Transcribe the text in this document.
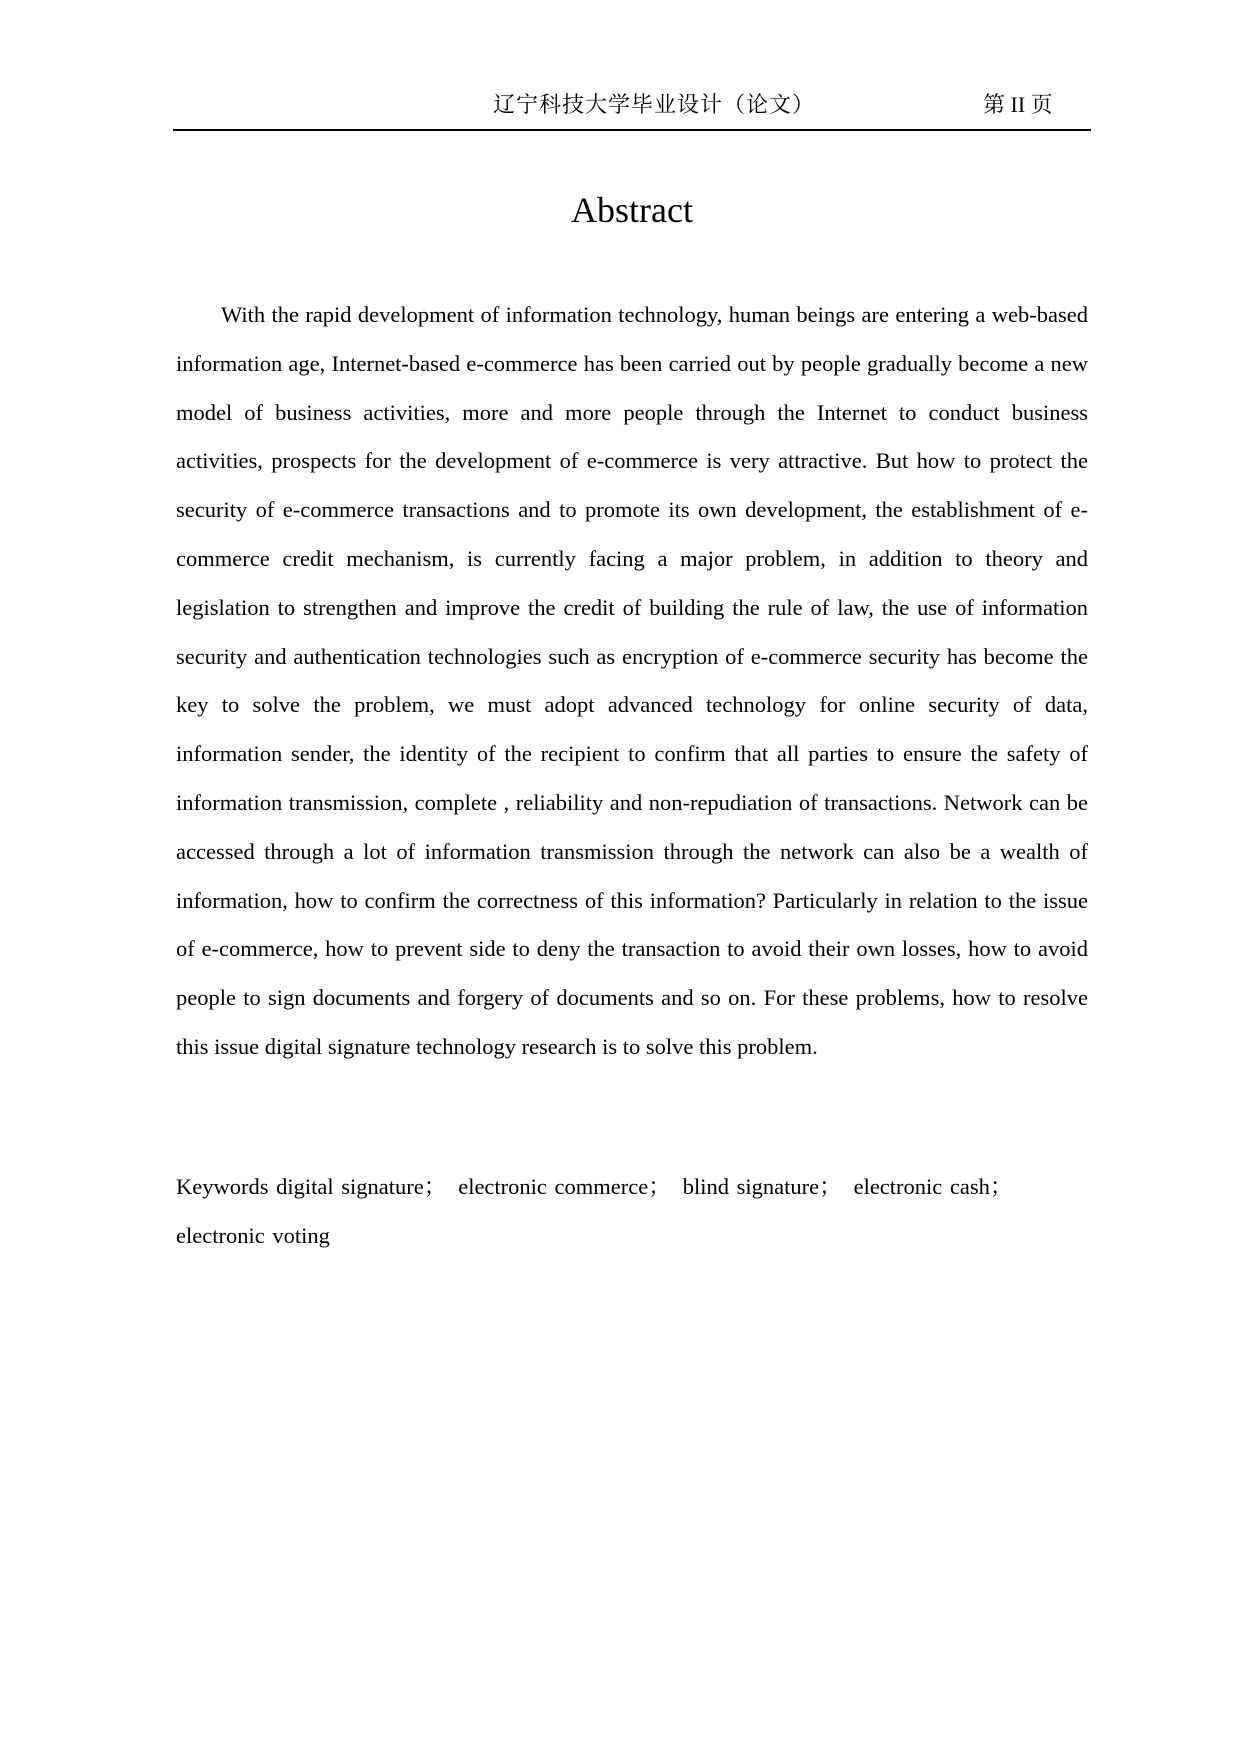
辽宁科技大学毕业设计（论文）	第 II 页
Abstract

With the rapid development of information technology, human beings are entering a web-based information age, Internet-based e-commerce has been carried out by people gradually become a new model of business activities, more and more people through the Internet to conduct business activities, prospects for the development of e-commerce is very attractive. But how to protect the security of e-commerce transactions and to promote its own development, the establishment of e-commerce credit mechanism, is currently facing a major problem, in addition to theory and legislation to strengthen and improve the credit of building the rule of law, the use of information security and authentication technologies such as encryption of e-commerce security has become the key to solve the problem, we must adopt advanced technology for online security of data, information sender, the identity of the recipient to confirm that all parties to ensure the safety of information transmission, complete , reliability and non-repudiation of transactions. Network can be accessed through a lot of information transmission through the network can also be a wealth of information, how to confirm the correctness of this information? Particularly in relation to the issue of e-commerce, how to prevent side to deny the transaction to avoid their own losses, how to avoid people to sign documents and forgery of documents and so on. For these problems, how to resolve this issue digital signature technology research is to solve this problem.

Keywords digital signature； electronic commerce； blind signature； electronic cash；electronic voting
